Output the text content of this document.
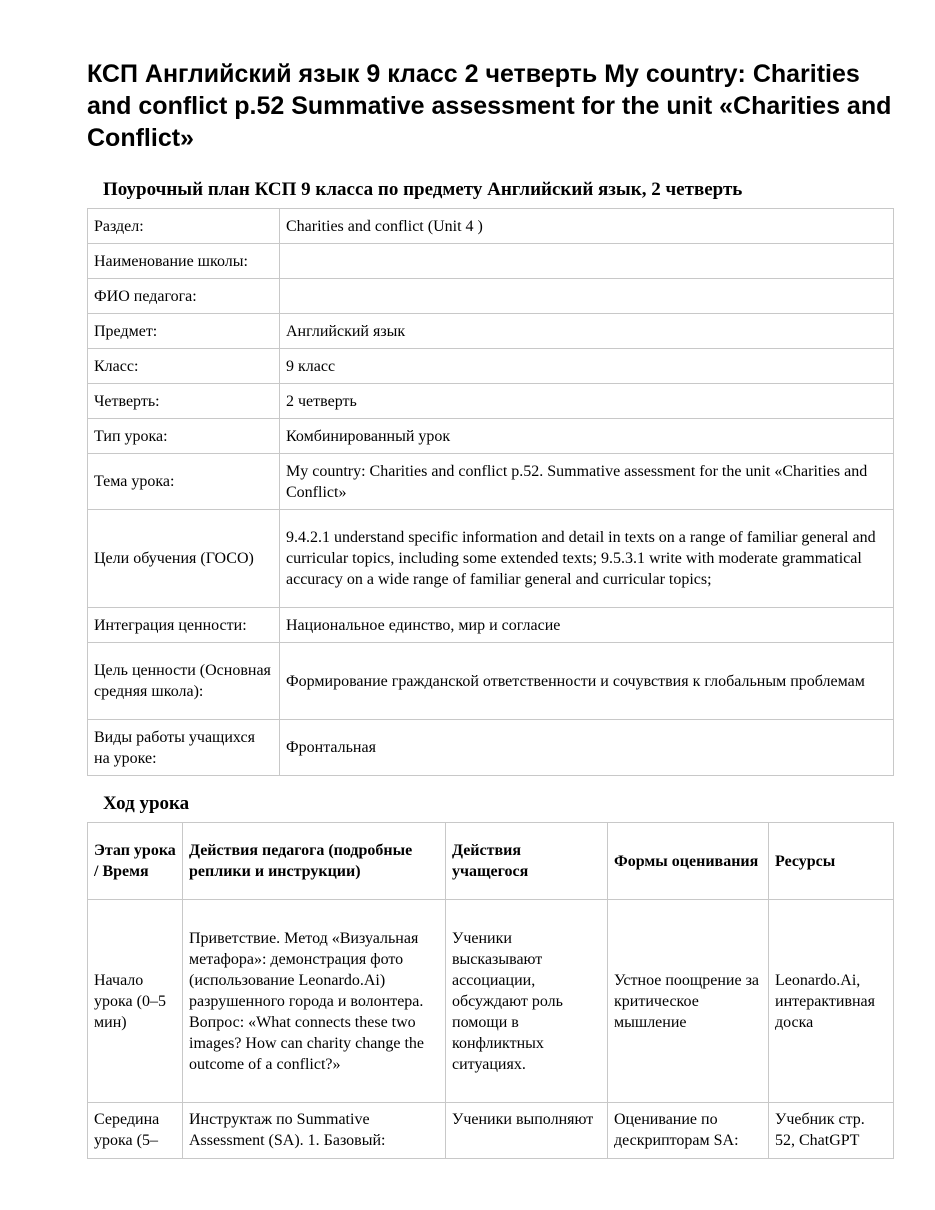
КСП Английский язык 9 класс 2 четверть My country: Charities and conflict p.52 Summative assessment for the unit «Charities and Conflict»
Поурочный план КСП 9 класса по предмету Английский язык, 2 четверть
Раздел:	Charities and conflict (Unit 4 )
Наименование школы:	
ФИО педагога:	
Предмет:	Английский язык
Класс:	9 класс
Четверть:	2 четверть
Тип урока:	Комбинированный урок
Тема урока:	My country: Charities and conflict p.52. Summative assessment for the unit «Charities and Conflict»
Цели обучения (ГОСО)	9.4.2.1 understand specific information and detail in texts on a range of familiar general and curricular topics, including some extended texts; 9.5.3.1 write with moderate grammatical accuracy on a wide range of familiar general and curricular topics;
Интеграция ценности:	Национальное единство, мир и согласие
Цель ценности (Основная средняя школа):	Формирование гражданской ответственности и сочувствия к глобальным проблемам
Виды работы учащихся на уроке:	Фронтальная
Ход урока
Этап урока / Время	Действия педагога (подробные реплики и инструкции)	Действия учащегося	Формы оценивания	Ресурсы
Начало урока (0–5 мин)	Приветствие. Метод «Визуальная метафора»: демонстрация фото (использование Leonardo.Ai) разрушенного города и волонтера. Вопрос: «What connects these two images? How can charity change the outcome of a conflict?»	Ученики высказывают ассоциации, обсуждают роль помощи в конфликтных ситуациях.	Устное поощрение за критическое мышление	Leonardo.Ai, интерактивная доска
Середина урока (5–	Инструктаж по Summative Assessment (SA). 1. Базовый:	Ученики выполняют	Оценивание по дескрипторам SA:	Учебник стр. 52, ChatGPT
